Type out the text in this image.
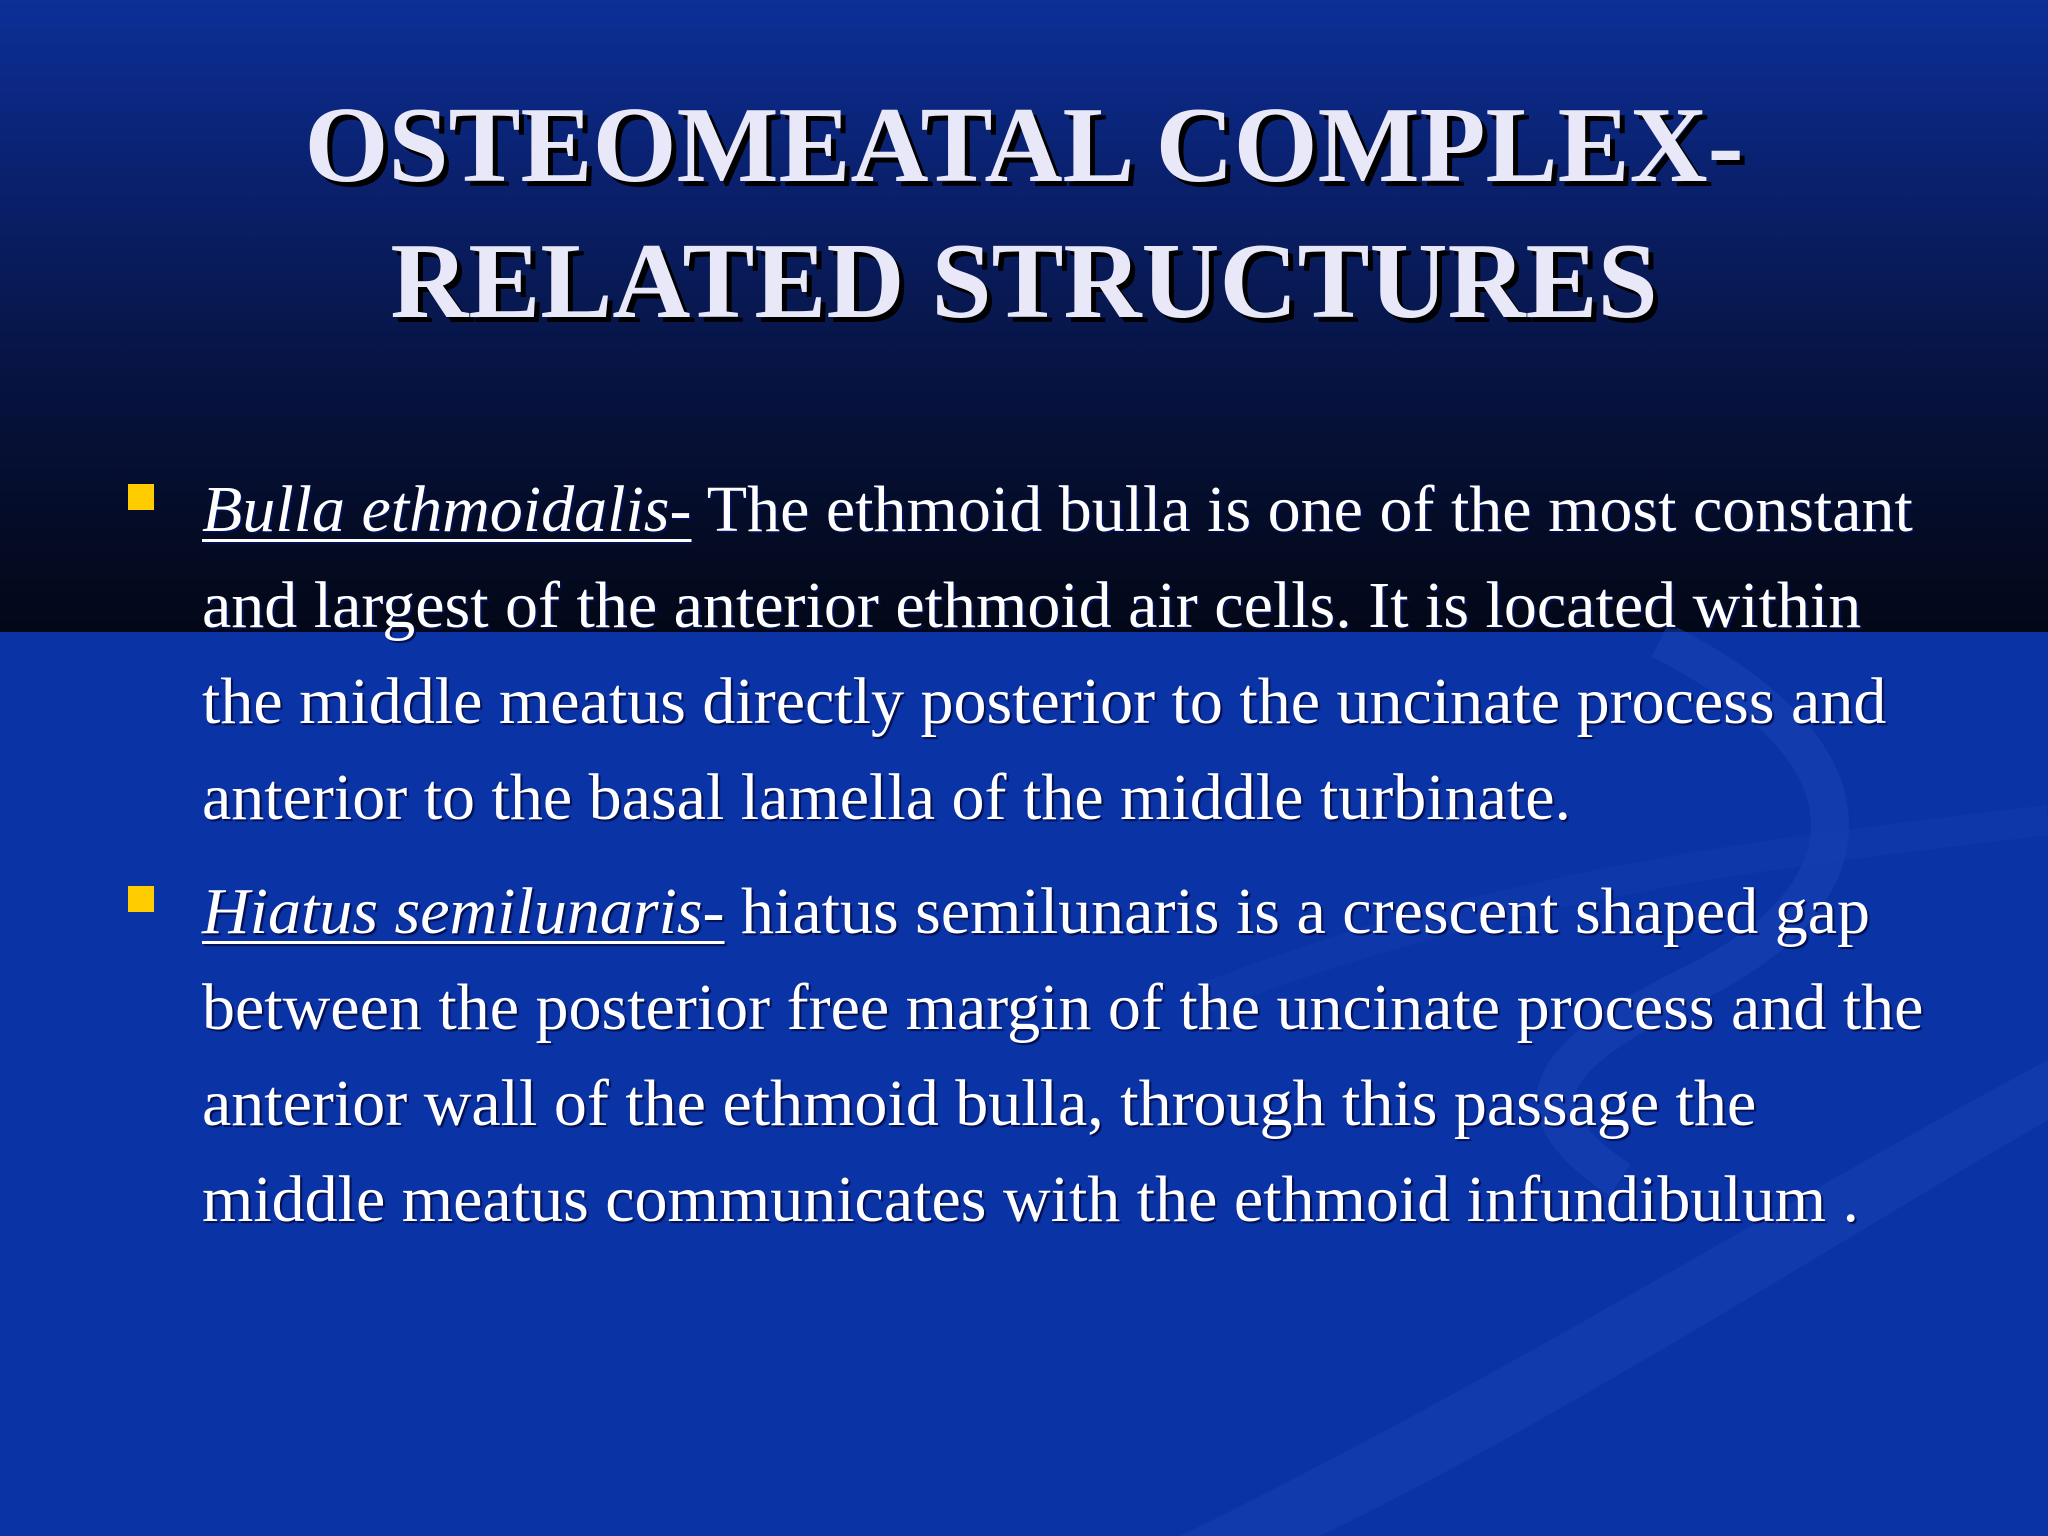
OSTEOMEATAL COMPLEX-
RELATED STRUCTURES
Bulla ethmoidalis- The ethmoid bulla is one of the most constant and largest of the anterior ethmoid air cells. It is located within the middle meatus directly posterior to the uncinate process and anterior to the basal lamella of the middle turbinate.
Hiatus semilunaris- hiatus semilunaris is a crescent shaped gap between the posterior free margin of the uncinate process and the anterior wall of the ethmoid bulla, through this passage the middle meatus communicates with the ethmoid infundibulum .
